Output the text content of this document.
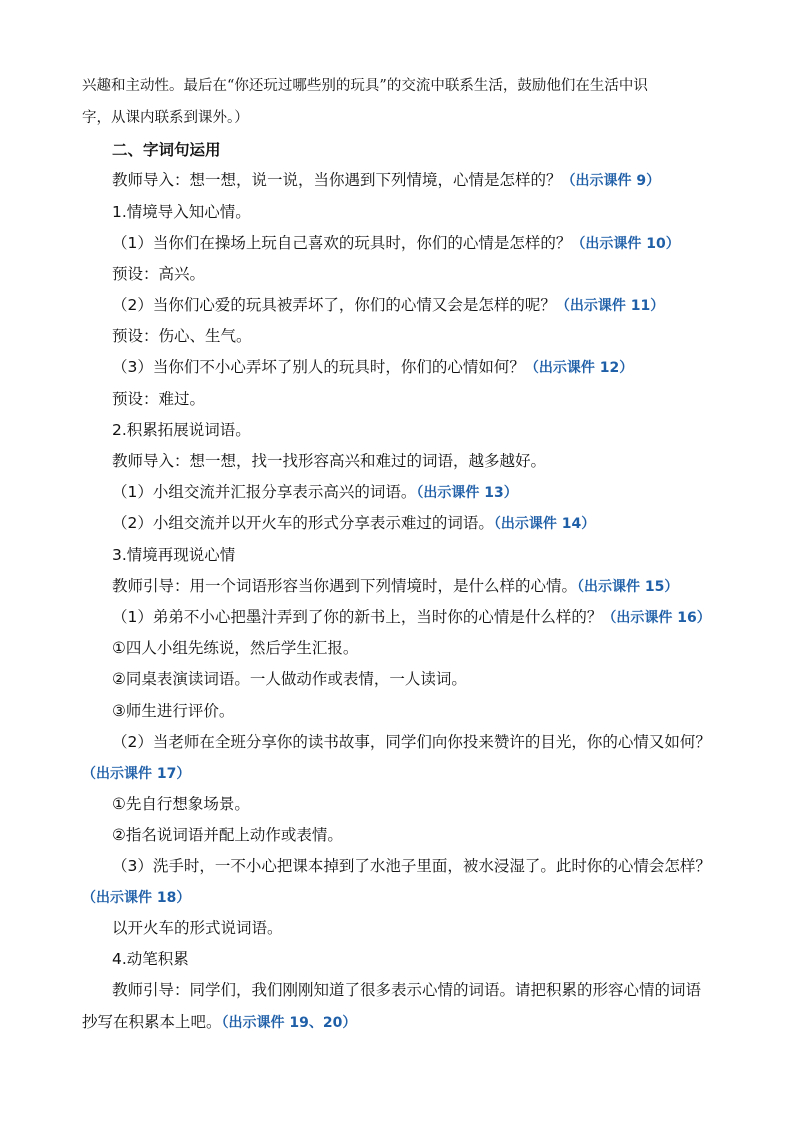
兴趣和主动性。最后在“你还玩过哪些别的玩具”的交流中联系生活，鼓励他们在生活中识
字，从课内联系到课外。）
二、字词句运用
教师导入：想一想，说一说，当你遇到下列情境，心情是怎样的？（出示课件 9）
1.情境导入知心情。
（1）当你们在操场上玩自己喜欢的玩具时，你们的心情是怎样的？（出示课件 10）
预设：高兴。
（2）当你们心爱的玩具被弄坏了，你们的心情又会是怎样的呢？（出示课件 11）
预设：伤心、生气。
（3）当你们不小心弄坏了别人的玩具时，你们的心情如何？（出示课件 12）
预设：难过。
2.积累拓展说词语。
教师导入：想一想，找一找形容高兴和难过的词语，越多越好。
（1）小组交流并汇报分享表示高兴的词语。（出示课件 13）
（2）小组交流并以开火车的形式分享表示难过的词语。（出示课件 14）
3.情境再现说心情
教师引导：用一个词语形容当你遇到下列情境时，是什么样的心情。（出示课件 15）
（1）弟弟不小心把墨汁弄到了你的新书上，当时你的心情是什么样的？（出示课件 16）
①四人小组先练说，然后学生汇报。
②同桌表演读词语。一人做动作或表情，一人读词。
③师生进行评价。
（2）当老师在全班分享你的读书故事，同学们向你投来赞许的目光，你的心情又如何？
（出示课件 17）
①先自行想象场景。
②指名说词语并配上动作或表情。
（3）洗手时，一不小心把课本掉到了水池子里面，被水浸湿了。此时你的心情会怎样？
（出示课件 18）
以开火车的形式说词语。
4.动笔积累
教师引导：同学们，我们刚刚知道了很多表示心情的词语。请把积累的形容心情的词语
抄写在积累本上吧。（出示课件 19、20）
